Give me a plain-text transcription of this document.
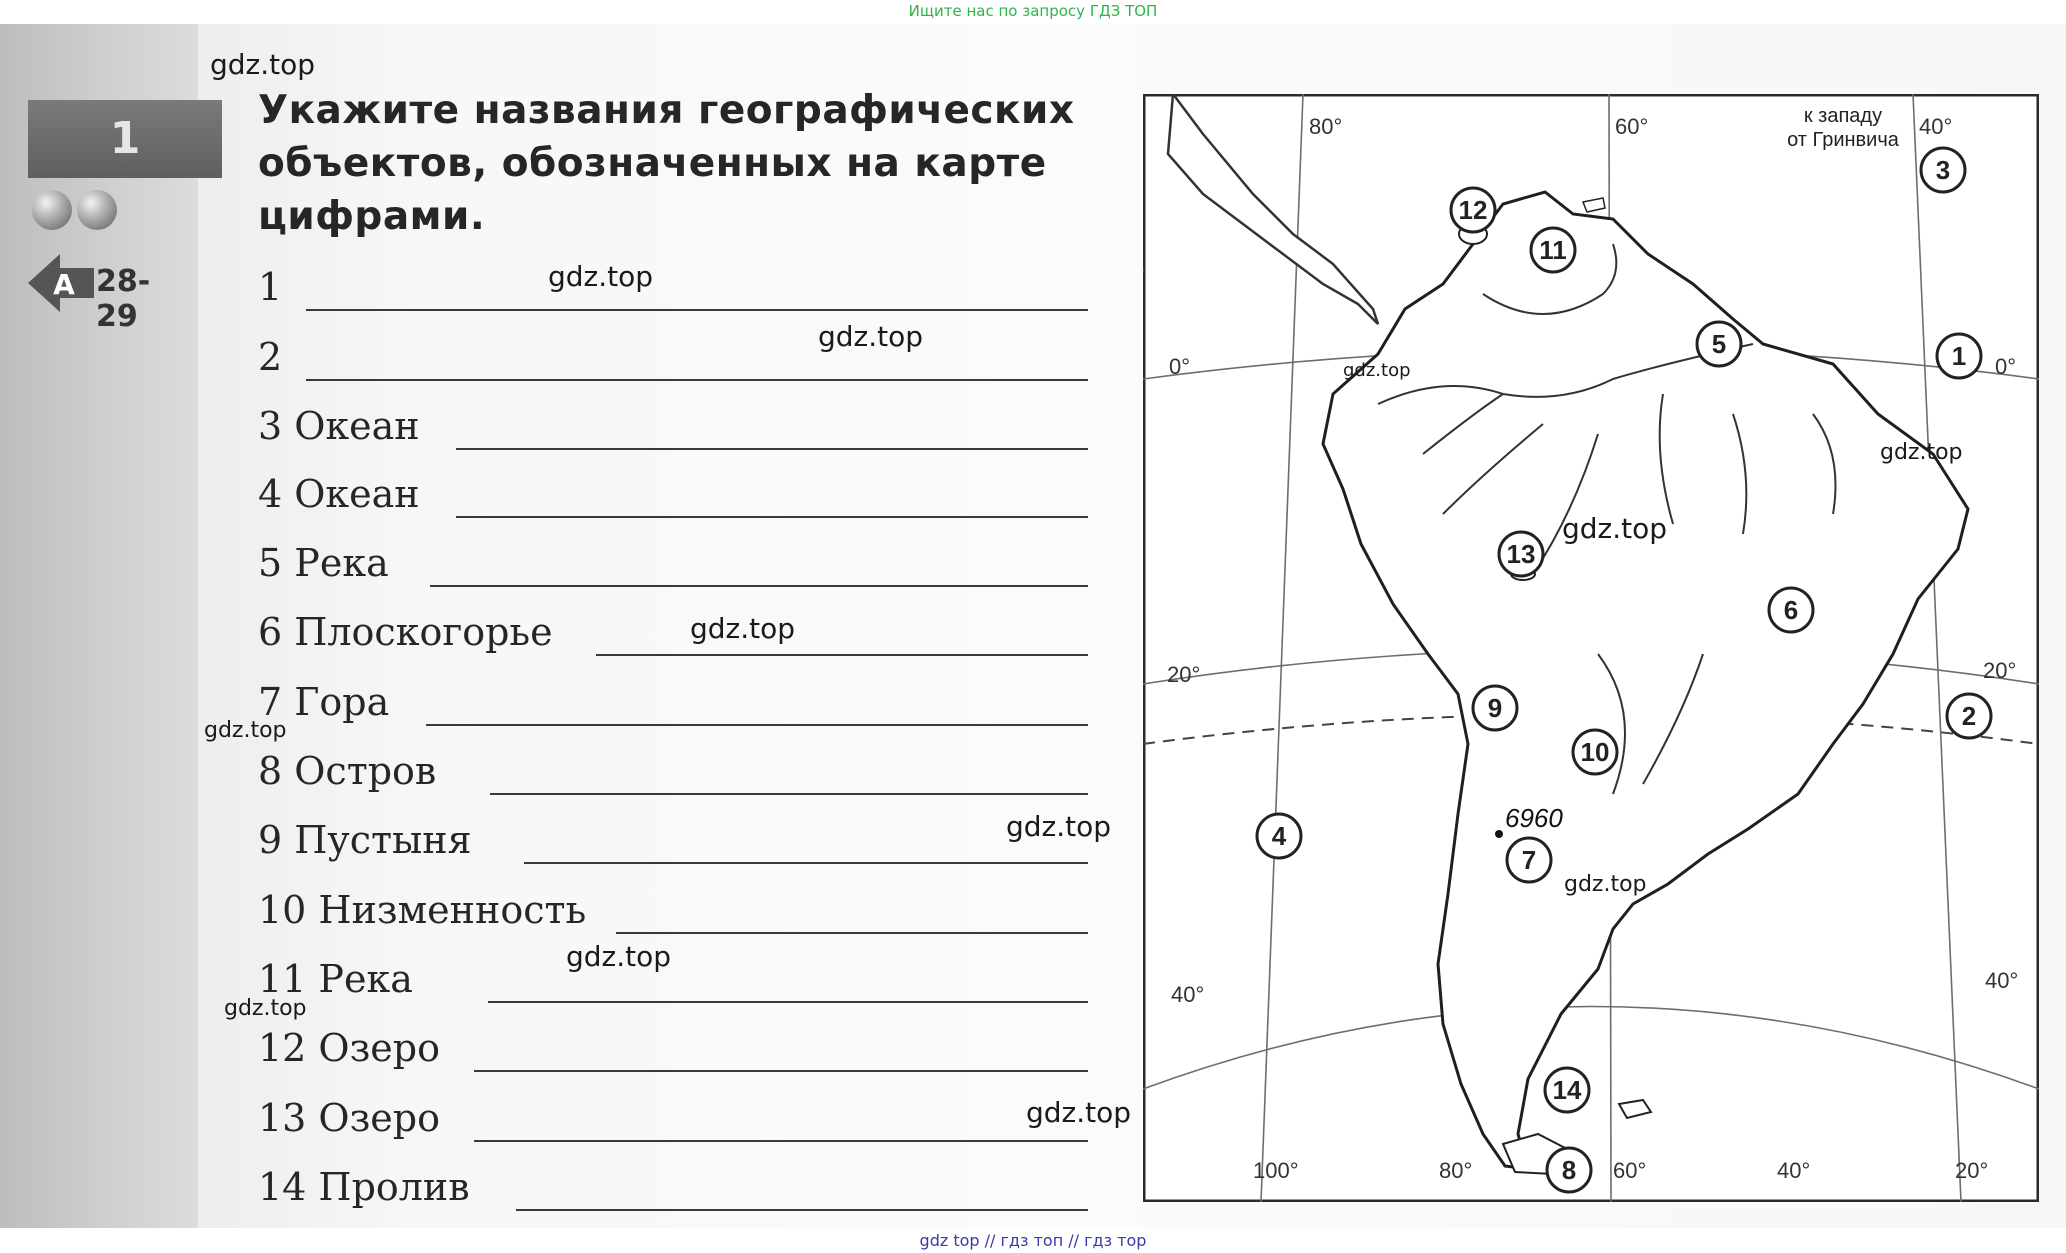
Ищите нас по запросу ГДЗ ТОП
1
A 28-29
Укажите названия географических
объектов, обозначенных на карте
цифрами.
1
2
3 Океан
4 Океан
5 Река
6 Плоскогорье
7 Гора
8 Остров
9 Пустыня
10 Низменность
11 Река
12 Озеро
13 Озеро
14 Пролив
80°	60°	40°
к западу
от Гринвича
100°	80°	60°	40°	20°
0°
20°
40°
0°
20°
40°
6960
1
2
3
4
5
6
7
8
9
10
11
12
13
14
gdz.top
gdz.top
gdz.top
gdz.top
gdz.top
gdz.top
gdz.top
gdz.top
gdz.top
gdz.top
gdz.top
gdz.top
gdz.top
gdz top // гдз топ // гдз тор
